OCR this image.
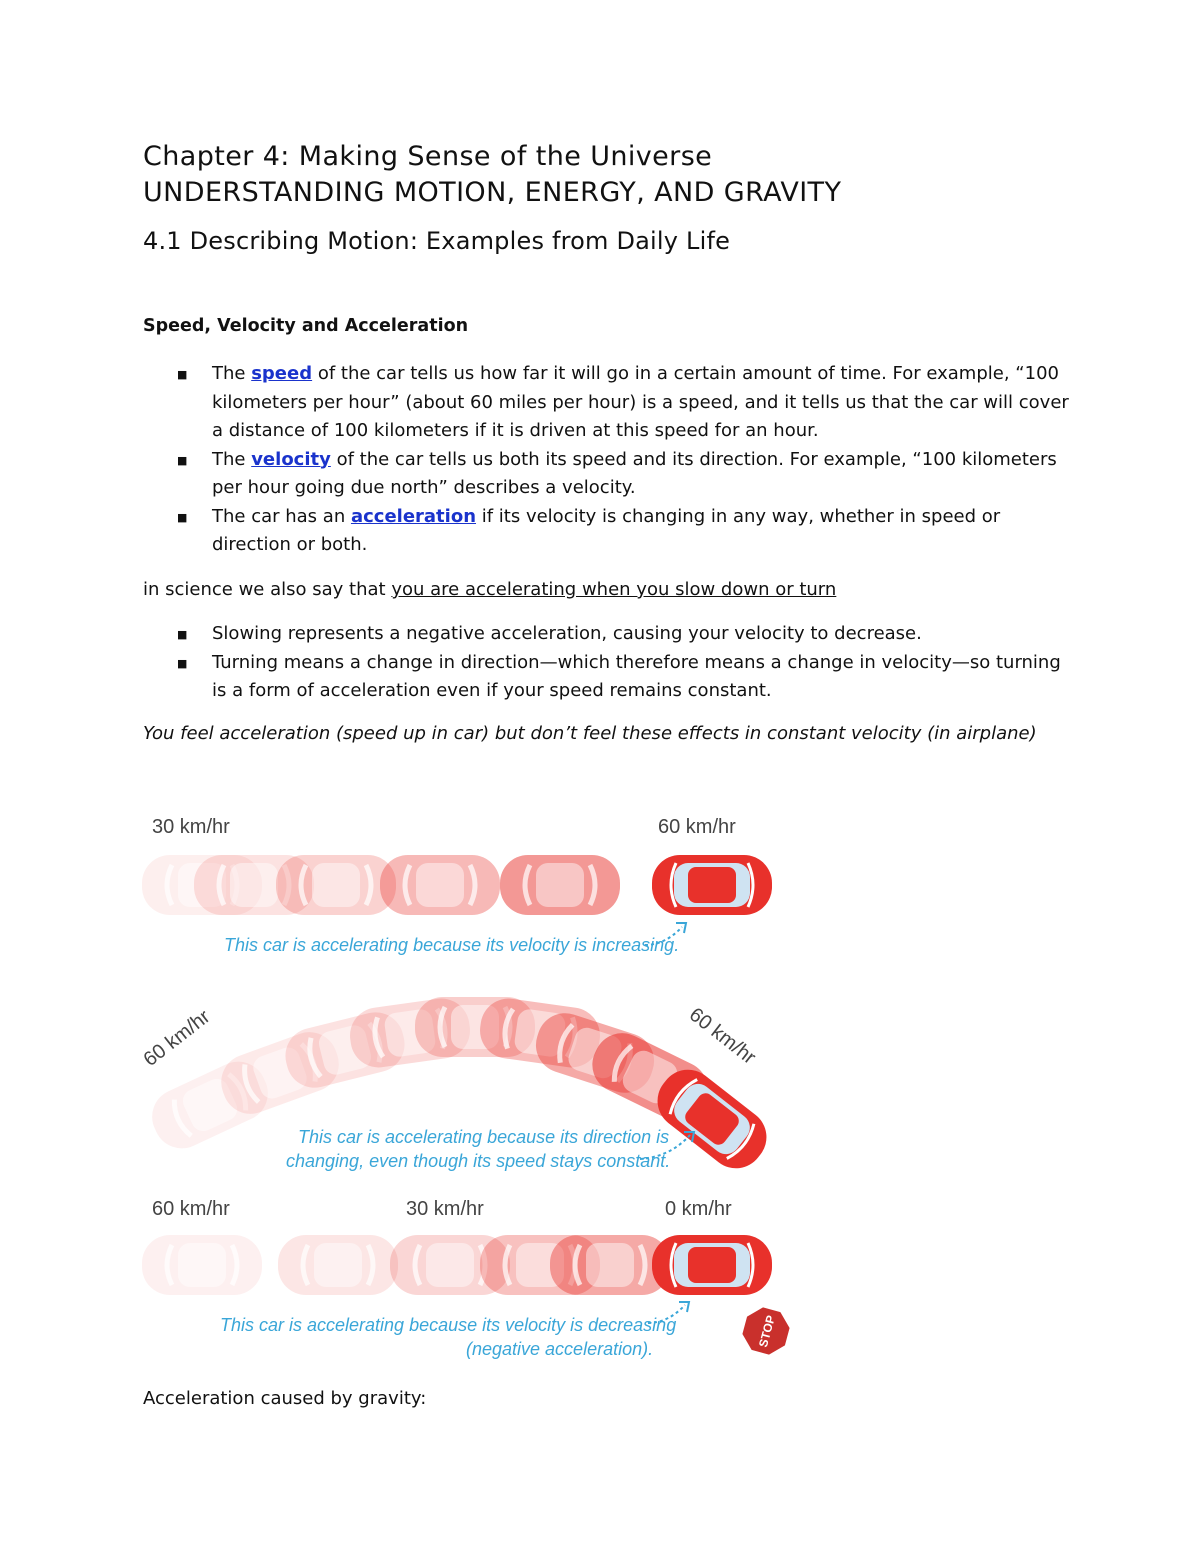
Chapter 4: Making Sense of the Universe
UNDERSTANDING MOTION, ENERGY, AND GRAVITY
4.1 Describing Motion: Examples from Daily Life
Speed, Velocity and Acceleration
■ The speed of the car tells us how far it will go in a certain amount of time. For example, “100 kilometers per hour” (about 60 miles per hour) is a speed, and it tells us that the car will cover a distance of 100 kilometers if it is driven at this speed for an hour.
■ The velocity of the car tells us both its speed and its direction. For example, “100 kilometers per hour going due north” describes a velocity.
■ The car has an acceleration if its velocity is changing in any way, whether in speed or direction or both.
in science we also say that you are accelerating when you slow down or turn
■ Slowing represents a negative acceleration, causing your velocity to decrease.
■ Turning means a change in direction—which therefore means a change in velocity—so turning is a form of acceleration even if your speed remains constant.
You feel acceleration (speed up in car) but don’t feel these effects in constant velocity (in airplane)
30 km/hr	60 km/hr
This car is accelerating because its velocity is increasing.
60 km/hr	60 km/hr
This car is accelerating because its direction is
changing, even though its speed stays constant.
60 km/hr	30 km/hr	0 km/hr
This car is accelerating because its velocity is decreasing
(negative acceleration).
STOP
Acceleration caused by gravity:
